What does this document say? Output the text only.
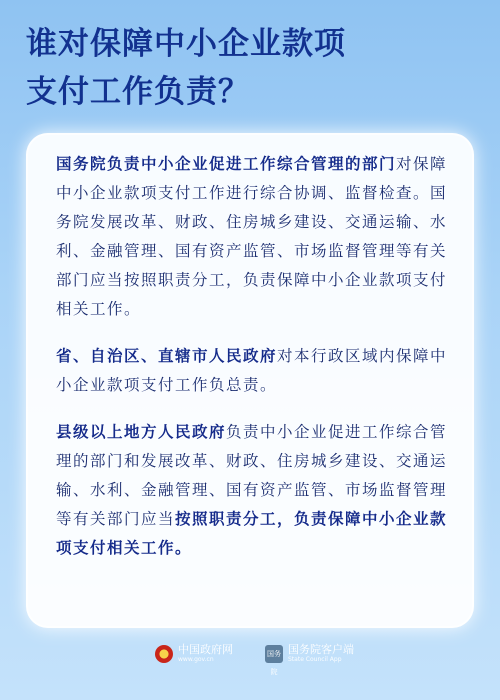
谁对保障中小企业款项
支付工作负责？

国务院负责中小企业促进工作综合管理的部门对保障中小企业款项支付工作进行综合协调、监督检查。国务院发展改革、财政、住房城乡建设、交通运输、水利、金融管理、国有资产监管、市场监督管理等有关部门应当按照职责分工，负责保障中小企业款项支付相关工作。

省、自治区、直辖市人民政府对本行政区域内保障中小企业款项支付工作负总责。

县级以上地方人民政府负责中小企业促进工作综合管理的部门和发展改革、财政、住房城乡建设、交通运输、水利、金融管理、国有资产监管、市场监督管理等有关部门应当按照职责分工，负责保障中小企业款项支付相关工作。

中国政府网
www.gov.cn
国务院
国务院客户端
State Council App
